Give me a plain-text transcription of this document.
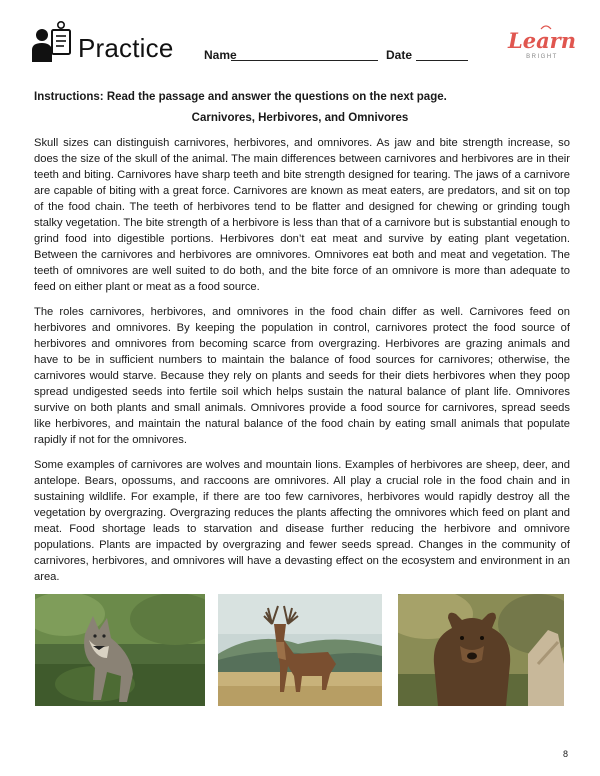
Practice	Name	Date
Learn
BRIGHT
Instructions: Read the passage and answer the questions on the next page.
Carnivores, Herbivores, and Omnivores

Skull sizes can distinguish carnivores, herbivores, and omnivores. As jaw and bite strength increase, so does the size of the skull of the animal. The main differences between carnivores and herbivores are in their teeth and biting. Carnivores have sharp teeth and bite strength designed for tearing. The jaws of a carnivore are capable of biting with a great force. Carnivores are known as meat eaters, are predators, and sit on top of the food chain. The teeth of herbivores tend to be flatter and designed for chewing or grinding tough stalky vegetation. The bite strength of a herbivore is less than that of a carnivore but is substantial enough to grind food into digestible portions. Herbivores don’t eat meat and survive by eating plant vegetation. Between the carnivores and herbivores are omnivores. Omnivores eat both and meat and vegetation. The teeth of omnivores are well suited to do both, and the bite force of an omnivore is more than adequate to feed on either plant or meat as a food source.

The roles carnivores, herbivores, and omnivores in the food chain differ as well. Carnivores feed on herbivores and omnivores. By keeping the population in control, carnivores protect the food source of herbivores and omnivores from becoming scarce from overgrazing. Herbivores are grazing animals and have to be in sufficient numbers to maintain the balance of food sources for carnivores; otherwise, the carnivores would starve. Because they rely on plants and seeds for their diets herbivores when they poop spread undigested seeds into fertile soil which helps sustain the natural balance of plant life. Omnivores survive on both plants and small animals. Omnivores provide a food source for carnivores, spread seeds like herbivores, and maintain the natural balance of the food chain by eating small animals that populate rapidly if not for the omnivores.

Some examples of carnivores are wolves and mountain lions. Examples of herbivores are sheep, deer, and antelope. Bears, opossums, and raccoons are omnivores. All play a crucial role in the food chain and in sustaining wildlife. For example, if there are too few carnivores, herbivores would rapidly destroy all the vegetation by overgrazing. Overgrazing reduces the plants affecting the omnivores which feed on plant and meat. Food shortage leads to starvation and disease further reducing the herbivore and omnivore populations. Plants are impacted by overgrazing and fewer seeds spread. Changes in the community of carnivores, herbivores, and omnivores will have a devasting effect on the ecosystem and environment in an area.

8
